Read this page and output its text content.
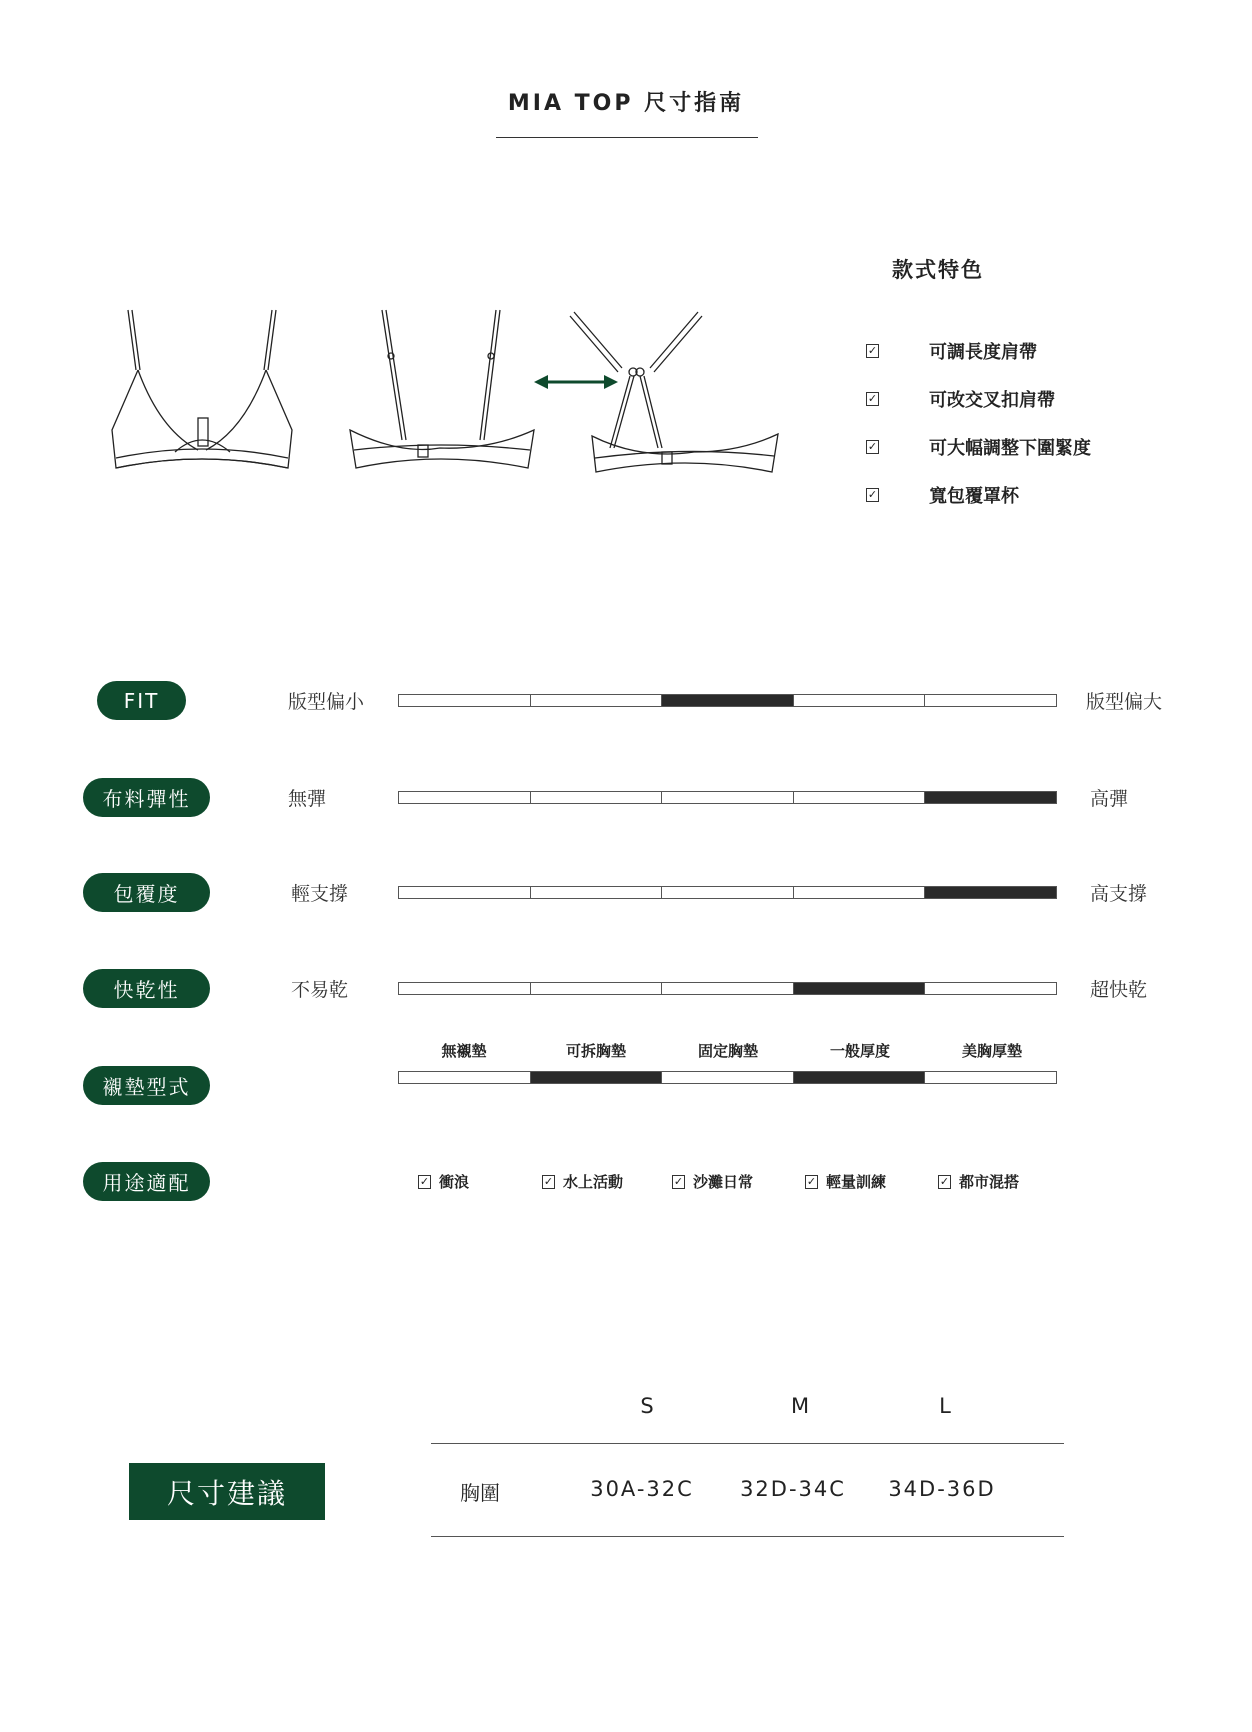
MIA TOP 尺寸指南
款式特色
✓	可調長度肩帶
✓	可改交叉扣肩帶
✓	可大幅調整下圍緊度
✓	寬包覆罩杯
FIT	版型偏小	版型偏大
布料彈性	無彈	高彈
包覆度	輕支撐	高支撐
快乾性	不易乾	超快乾
襯墊型式
無襯墊	可拆胸墊	固定胸墊	一般厚度	美胸厚墊
用途適配	✓ 衝浪	✓ 水上活動	✓ 沙灘日常	✓ 輕量訓練	✓ 都市混搭
尺寸建議
S	M	L
胸圍	30A-32C	32D-34C	34D-36D
